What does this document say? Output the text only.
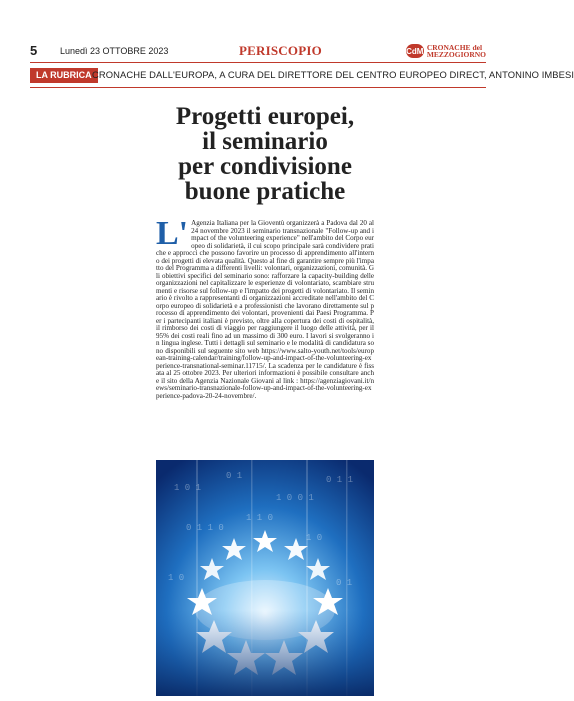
5	Lunedì 23 OTTOBRE 2023	PERISCOPIO	CdM CRONACHE del
MEZZOGIORNO
LA RUBRICA CRONACHE DALL'EUROPA, A CURA DEL DIRETTORE DEL CENTRO EUROPEO DIRECT, ANTONINO IMBESI
Progetti europei,
il seminario
per condivisione
buone pratiche
L' Agenzia Italiana per la Gioventù organizzerà a Padova dal 20 al 24 novembre 2023 il seminario transnazionale "Follow-up and impact of the volunteering experience" nell'ambito del Corpo europeo di solidarietà, il cui scopo principale sarà condividere pratiche e approcci che possono favorire un processo di apprendimento all'interno dei progetti di elevata qualità. Questo al fine di garantire sempre più l'impatto del Programma a differenti livelli: volontari, organizzazioni, comunità. Gli obiettivi specifici del seminario sono: rafforzare la capacity-building delle organizzazioni nel capitalizzare le esperienze di volontariato, scambiare strumenti e risorse sul follow-up e l'impatto dei progetti di volontariato. Il seminario è rivolto a rappresentanti di organizzazioni accreditate nell'ambito del Corpo europeo di solidarietà e a professionisti che lavorano direttamente sul processo di apprendimento dei volontari, provenienti dai Paesi Programma. Per i partecipanti italiani è previsto, oltre alla copertura dei costi di ospitalità, il rimborso dei costi di viaggio per raggiungere il luogo delle attività, per il 95% dei costi reali fino ad un massimo di 300 euro. I lavori si svolgeranno in lingua inglese. Tutti i dettagli sul seminario e le modalità di candidatura sono disponibili sul seguente sito web https://www.salto-youth.net/tools/european-training-calendar/training/follow-up-and-impact-of-the-volunteering-experience-transnational-seminar.11715/. La scadenza per le candidature è fissata al 25 ottobre 2023. Per ulteriori informazioni è possibile consultare anche il sito della Agenzia Nazionale Giovani al link : https://agenziagiovani.it/news/seminario-transnazionale-follow-up-and-impact-of-the-volunteering-experience-padova-20-24-novembre/.

1 0 1
0 1
1 0 0 1
0 1 1
0 1 1 0
1 0
1 1 0
1 0	0 1
